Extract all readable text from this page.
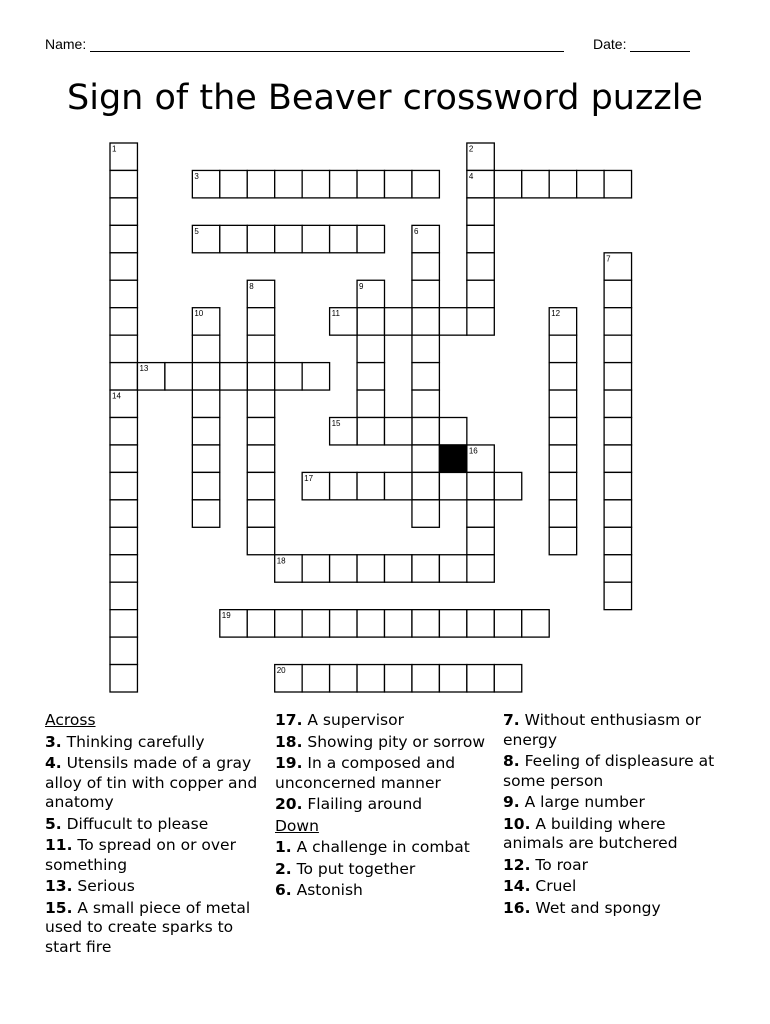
Name:	Date:
Sign of the Beaver crossword puzzle
1	2
3	4
5	6
7
8	9
10	11	12
13
14
15
16
17
18
19
20
Across
3. Thinking carefully
4. Utensils made of a gray alloy of tin with copper and anatomy
5. Diffucult to please
11. To spread on or over something
13. Serious
15. A small piece of metal used to create sparks to start fire
17. A supervisor
18. Showing pity or sorrow
19. In a composed and unconcerned manner
20. Flailing around
Down
1. A challenge in combat
2. To put together
6. Astonish
7. Without enthusiasm or energy
8. Feeling of displeasure at some person
9. A large number
10. A building where animals are butchered
12. To roar
14. Cruel
16. Wet and spongy
